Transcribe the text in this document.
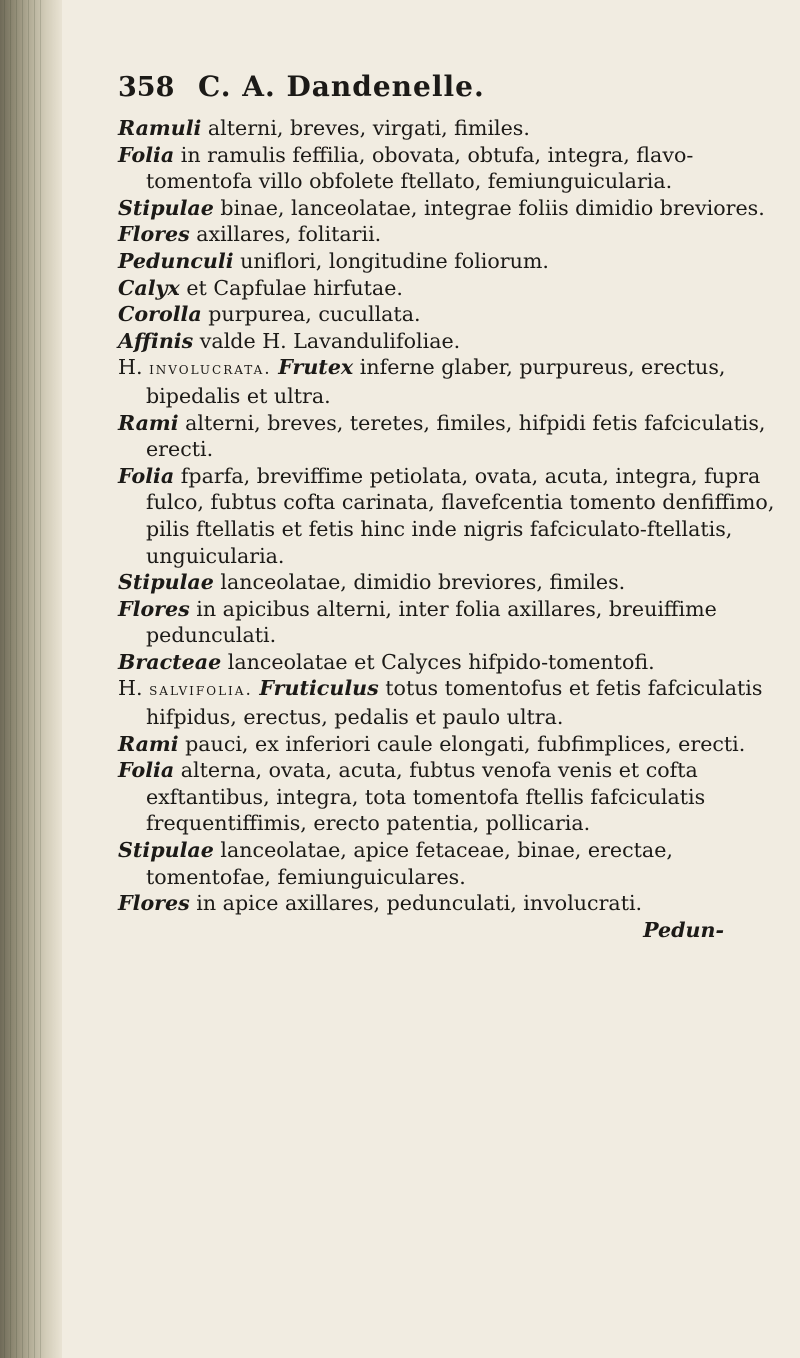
358 C. A. Dandenelle.

Ramuli alterni, breves, virgati, fimiles.

Folia in ramulis feffilia, obovata, obtufa, integra, flavo-tomentofa villo obfolete ftellato, femiunguicularia.

Stipulae binae, lanceolatae, integrae foliis dimidio breviores.

Flores axillares, folitarii.

Pedunculi uniflori, longitudine foliorum.

Calyx et Capfulae hirfutae.

Corolla purpurea, cucullata.

Affinis valde H. Lavandulifoliae.

H. involucrata. Frutex inferne glaber, purpureus, erectus, bipedalis et ultra.

Rami alterni, breves, teretes, fimiles, hifpidi fetis fafciculatis, erecti.

Folia fparfa, breviffime petiolata, ovata, acuta, integra, fupra fulco, fubtus cofta carinata, flavefcentia tomento denfiffimo, pilis ftellatis et fetis hinc inde nigris fafciculato-ftellatis, unguicularia.

Stipulae lanceolatae, dimidio breviores, fimiles.

Flores in apicibus alterni, inter folia axillares, breuiffime pedunculati.

Bracteae lanceolatae et Calyces hifpido-tomentofi.

H. salvifolia. Fruticulus totus tomentofus et fetis fafciculatis hifpidus, erectus, pedalis et paulo ultra.

Rami pauci, ex inferiori caule elongati, fubfimplices, erecti.

Folia alterna, ovata, acuta, fubtus venofa venis et cofta exftantibus, integra, tota tomentofa ftellis fafciculatis frequentiffimis, erecto patentia, pollicaria.

Stipulae lanceolatae, apice fetaceae, binae, erectae, tomentofae, femiunguiculares.

Flores in apice axillares, pedunculati, involucrati.

Pedun-
